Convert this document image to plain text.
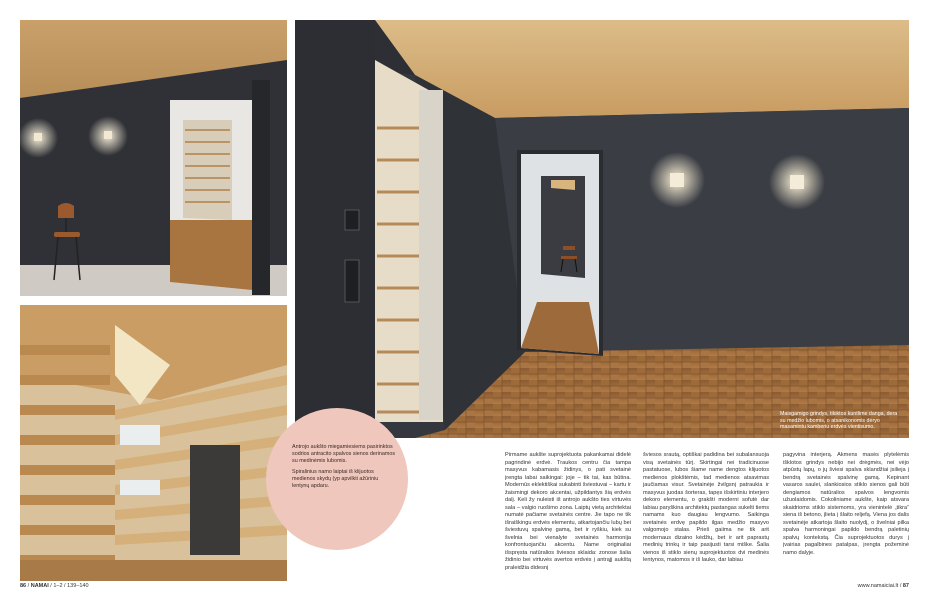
Antrojo aukšto miegamiesiems pasirinktos sodrios antracito spalvos sienos derinamos su medinėmis lubomis.

Spiralinius namo laiptai iš klijuotos medienos skydų (yp apvilkti ažūriniu lentynų apdaru.

Maisgamigo grindys, tikiktos kuntlime danga, dera su medžio lubomis, o atsanikonomis dėryo masamintu kamberiu erdvės vientisumo.
Pirmame aukšte suprojektuota pakankamai didelė pagrindinė erdvė. Traukos centru čia tampa masyvus kabamasis židinys, o pati svetainė įrengta labai saikingai: joje – tik tai, kas būtina. Modernūs eklektiškai sukabinti šviestuvai – kartu ir žaismingi dekoro akcentai, užpildantys šią erdvės dalį. Keli žy nuleisti iš antrojo aukšto ties virtuvės sala – valgio ruošimo zona. Laiptų vietą architektai numatė pačiame svetainės centre. Jie tapo ne tik išraiškingu erdvės elementu, atkartojančiu lubų bei šviestuvų spalvinę gamą, bet ir ryškiu, kiek su švelnia bei vienalyte svetainės harmonija konfrontuojančiu akcentu. Name originaliai išspręsta natūralios šviesos sklaida: zonose šalia židinio bei virtuvės avertos erdvės į antrąjį aukštą praleidžia didesnį
šviesos srautą, optiškai padidina bei subalansuoja visą svetainės tūrį. Skirtingai nei tradicinuose pastatuose, lubos šiame name dengtos klijuotos medienos plokštėmis, tad medienos atsavimas jaučiamas visur. Svetainėje žvilgsnį patraukia ir masyvus juodas šorteras, tapęs išskirtiniu interjero dekoro elementu, o grakšti moderni sofutė dar labiau paryškina architektų pastangas sukelti tiems namams kuo daugiau lengvumo. Saikinga svetainės erdvę papildo ilgas medžio masyvo valgomojo stalas. Prieš gaiima ne tik arit modernaus dizaino kėdžių, bet ir arit paprastų medinių trinkų ir taip pasijusti tarsi miške. Šalia vienos iš stiklo sienų suprojektuotos dvi medinės lentynos, matomos ir iš lauko, dar labiau
pagyvina interjerą. Akmens masės plytelėmis išklotos grindys nebijo nei drėgmės, nei vėjo atpūstų lapų, o jų šviesi spalva sklandžiai įsilieja į bendrą svetainės spalvinę gamą. Kepinant vasaros saulei, slankiosios stiklo sienos gali būti dengiamos natūralios spalvos lengvomis užuolaidomis. Cokoliniame aukšte, kaip atsvara skaidrioms stiklo sistemoms, yra vienintelė „tikra“ siena iš betono, įlieta į šlaito reljefą. Viena jos dalis svetainėje atkartoja šlaito nuolydį, o švelniai pilka spalva harmoningai papildo bendrą paletinių spalvų kontekstą. Čia suprojektuotos durys į įvairias pagalbines patalpas, įrengta požeminė namo dalyje.
86 / NAMAI / 1–2 / 139–140	www.namaiciai.lt / 87
